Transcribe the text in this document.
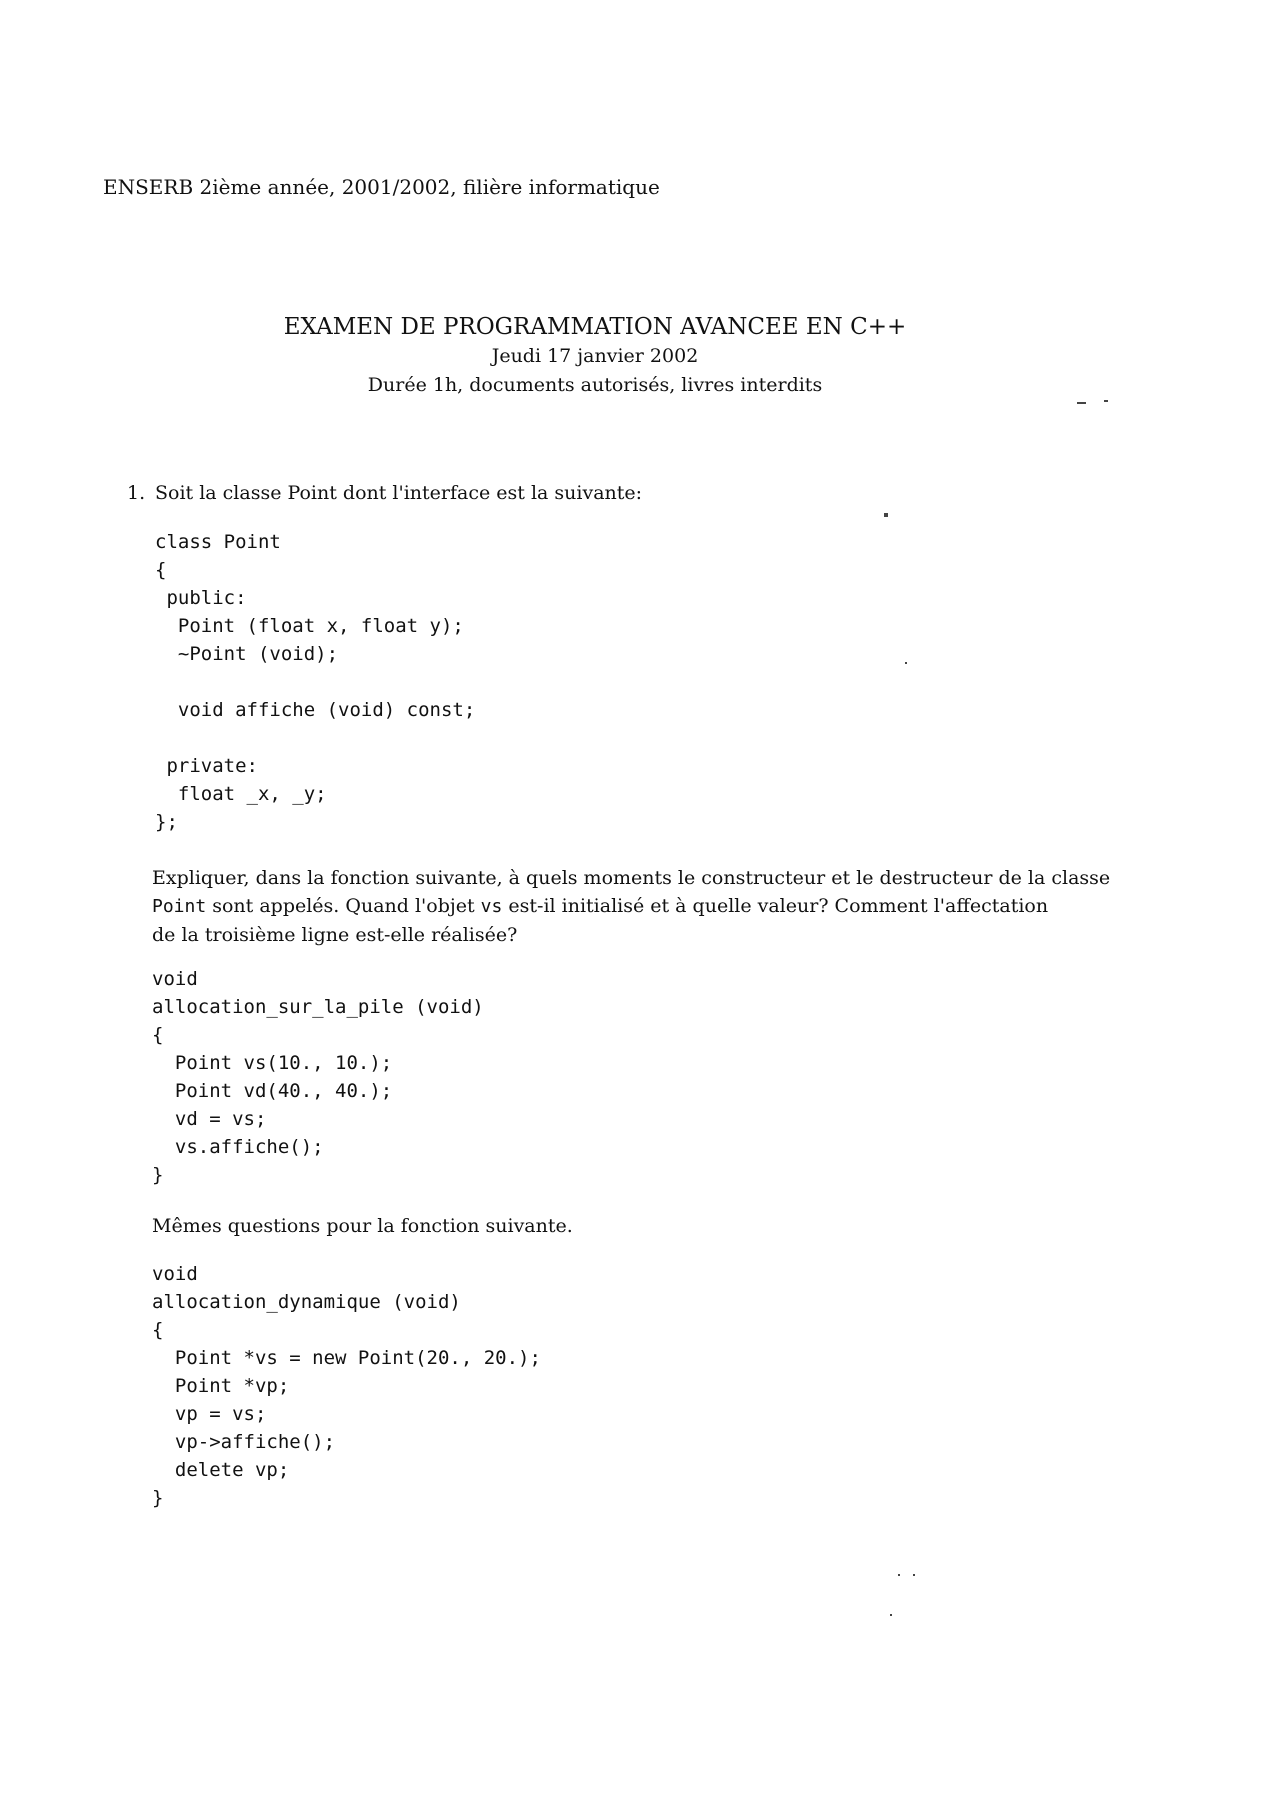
ENSERB 2ième année, 2001/2002, filière informatique
EXAMEN DE PROGRAMMATION AVANCEE EN C++
Jeudi 17 janvier 2002
Durée 1h, documents autorisés, livres interdits
1. Soit la classe Point dont l'interface est la suivante:
class Point
{
public:
Point (float x, float y);
~Point (void);
void affiche (void) const;
private:
float _x, _y;
};
Expliquer, dans la fonction suivante, à quels moments le constructeur et le destructeur de la classe
Point sont appelés. Quand l'objet vs est-il initialisé et à quelle valeur? Comment l'affectation
de la troisième ligne est-elle réalisée?
void
allocation_sur_la_pile (void)
{
Point vs(10., 10.);
Point vd(40., 40.);
vd = vs;
vs.affiche();
}
Mêmes questions pour la fonction suivante.
void
allocation_dynamique (void)
{
Point *vs = new Point(20., 20.);
Point *vp;
vp = vs;
vp->affiche();
delete vp;
}
